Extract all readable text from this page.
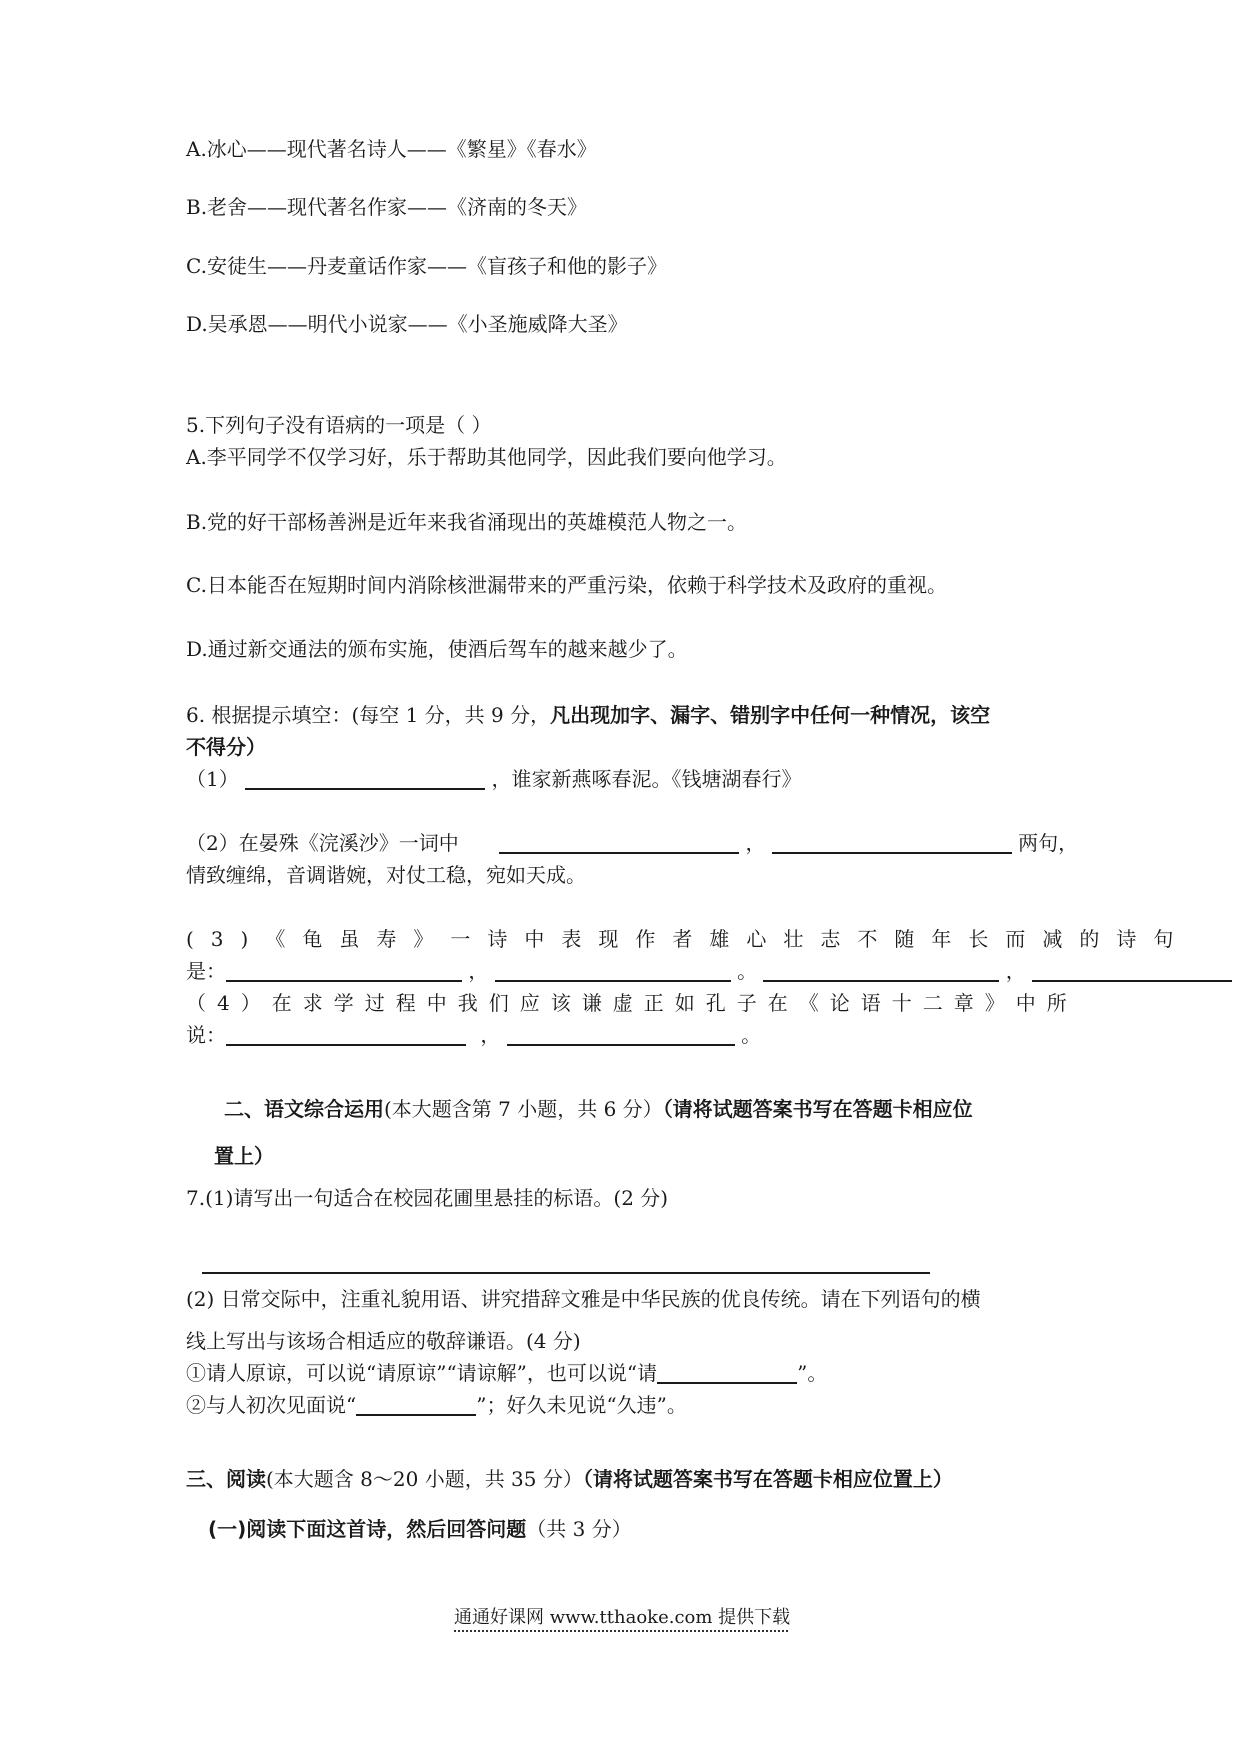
A.冰心——现代著名诗人——《繁星》《春水》
B.老舍——现代著名作家——《济南的冬天》
C.安徒生——丹麦童话作家——《盲孩子和他的影子》
D.吴承恩——明代小说家——《小圣施威降大圣》
5.下列句子没有语病的一项是（ ）
A.李平同学不仅学习好，乐于帮助其他同学，因此我们要向他学习。
B.党的好干部杨善洲是近年来我省涌现出的英雄模范人物之一。
C.日本能否在短期时间内消除核泄漏带来的严重污染，依赖于科学技术及政府的重视。
D.通过新交通法的颁布实施，使酒后驾车的越来越少了。
6. 根据提示填空：(每空 1 分，共 9 分，凡出现加字、漏字、错别字中任何一种情况，该空
不得分）
（1）	，谁家新燕啄春泥。《钱塘湖春行》
（2）在晏殊《浣溪沙》一词中	，	两句，
情致缠绵，音调谐婉，对仗工稳，宛如天成。
(3)《龟虽寿》一诗中表现作者雄心壮志不随年长而减的诗句
是：	，	。	，
（4）在求学过程中我们应该谦虚正如孔子在《论语十二章》中所
说：	，	。
二、语文综合运用(本大题含第 7 小题，共 6 分）（请将试题答案书写在答题卡相应位
置上）
7.(1)请写出一句适合在校园花圃里悬挂的标语。(2 分)
(2) 日常交际中，注重礼貌用语、讲究措辞文雅是中华民族的优良传统。请在下列语句的横
线上写出与该场合相适应的敬辞谦语。(4 分)
①请人原谅，可以说“请原谅”“请谅解”，也可以说“请	”。
②与人初次见面说“	”；好久未见说“久违”。
三、阅读(本大题含 8～20 小题，共 35 分）（请将试题答案书写在答题卡相应位置上）
(一)阅读下面这首诗，然后回答问题（共 3 分）
通通好课网 www.tthaoke.com 提供下载
